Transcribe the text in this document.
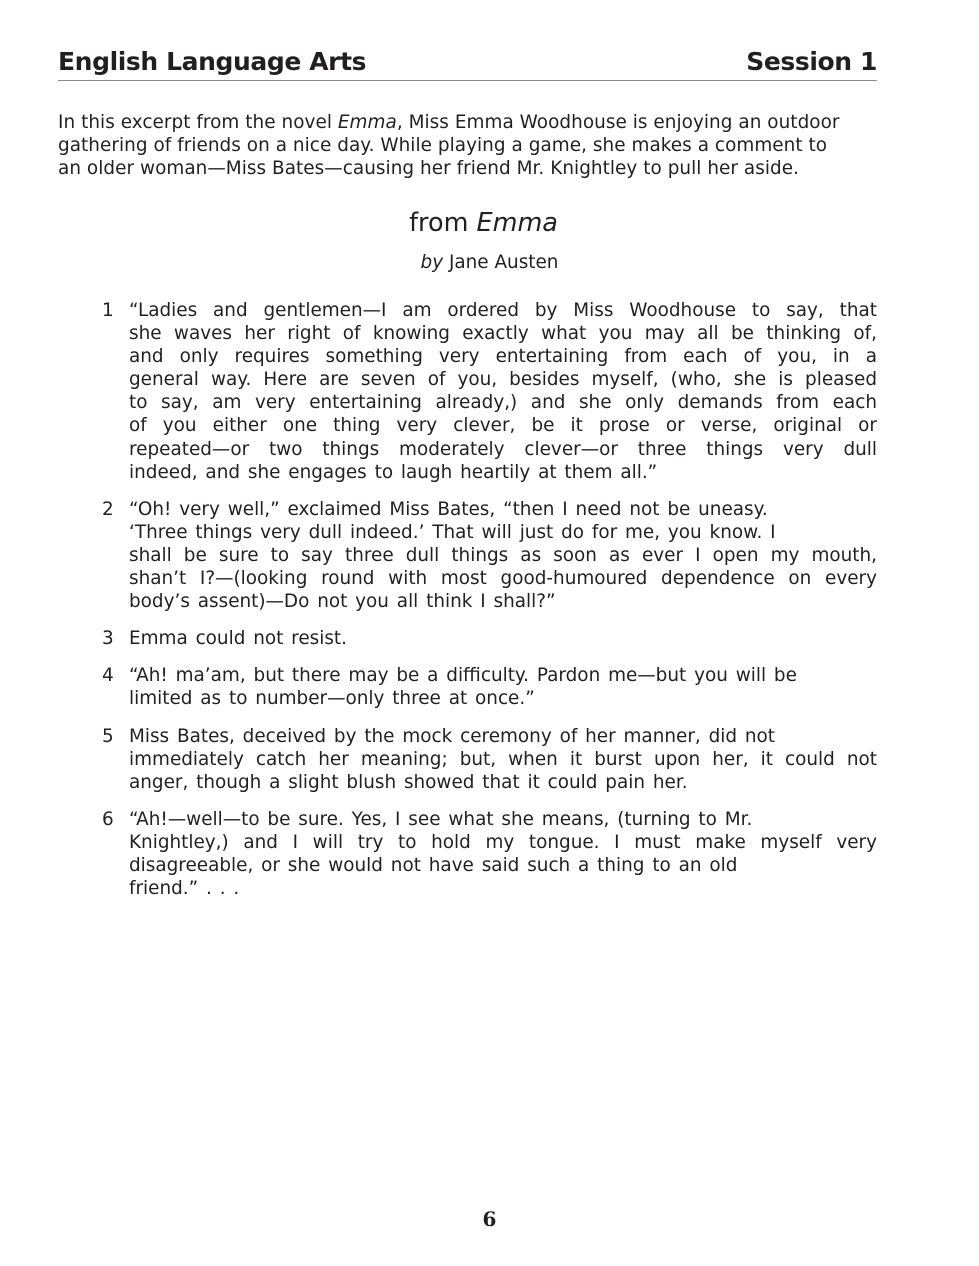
English Language Arts	Session 1

In this excerpt from the novel Emma, Miss Emma Woodhouse is enjoying an outdoor
gathering of friends on a nice day. While playing a game, she makes a comment to
an older woman—Miss Bates—causing her friend Mr. Knightley to pull her aside.

from Emma
by Jane Austen
1 “Ladies and gentlemen—I am ordered by Miss Woodhouse to say, that
she waves her right of knowing exactly what you may all be thinking of,
and only requires something very entertaining from each of you, in a
general way. Here are seven of you, besides myself, (who, she is pleased
to say, am very entertaining already,) and she only demands from each
of you either one thing very clever, be it prose or verse, original or
repeated—or two things moderately clever—or three things very dull
indeed, and she engages to laugh heartily at them all.”
2 “Oh! very well,” exclaimed Miss Bates, “then I need not be uneasy.
‘Three things very dull indeed.’ That will just do for me, you know. I
shall be sure to say three dull things as soon as ever I open my mouth,
shan’t I?—(looking round with most good-humoured dependence on every
body’s assent)—Do not you all think I shall?”
3 Emma could not resist.
4 “Ah! ma’am, but there may be a difficulty. Pardon me—but you will be
limited as to number—only three at once.”
5 Miss Bates, deceived by the mock ceremony of her manner, did not
immediately catch her meaning; but, when it burst upon her, it could not
anger, though a slight blush showed that it could pain her.
6 “Ah!—well—to be sure. Yes, I see what she means, (turning to Mr.
Knightley,) and I will try to hold my tongue. I must make myself very
disagreeable, or she would not have said such a thing to an old
friend.” . . .
6
